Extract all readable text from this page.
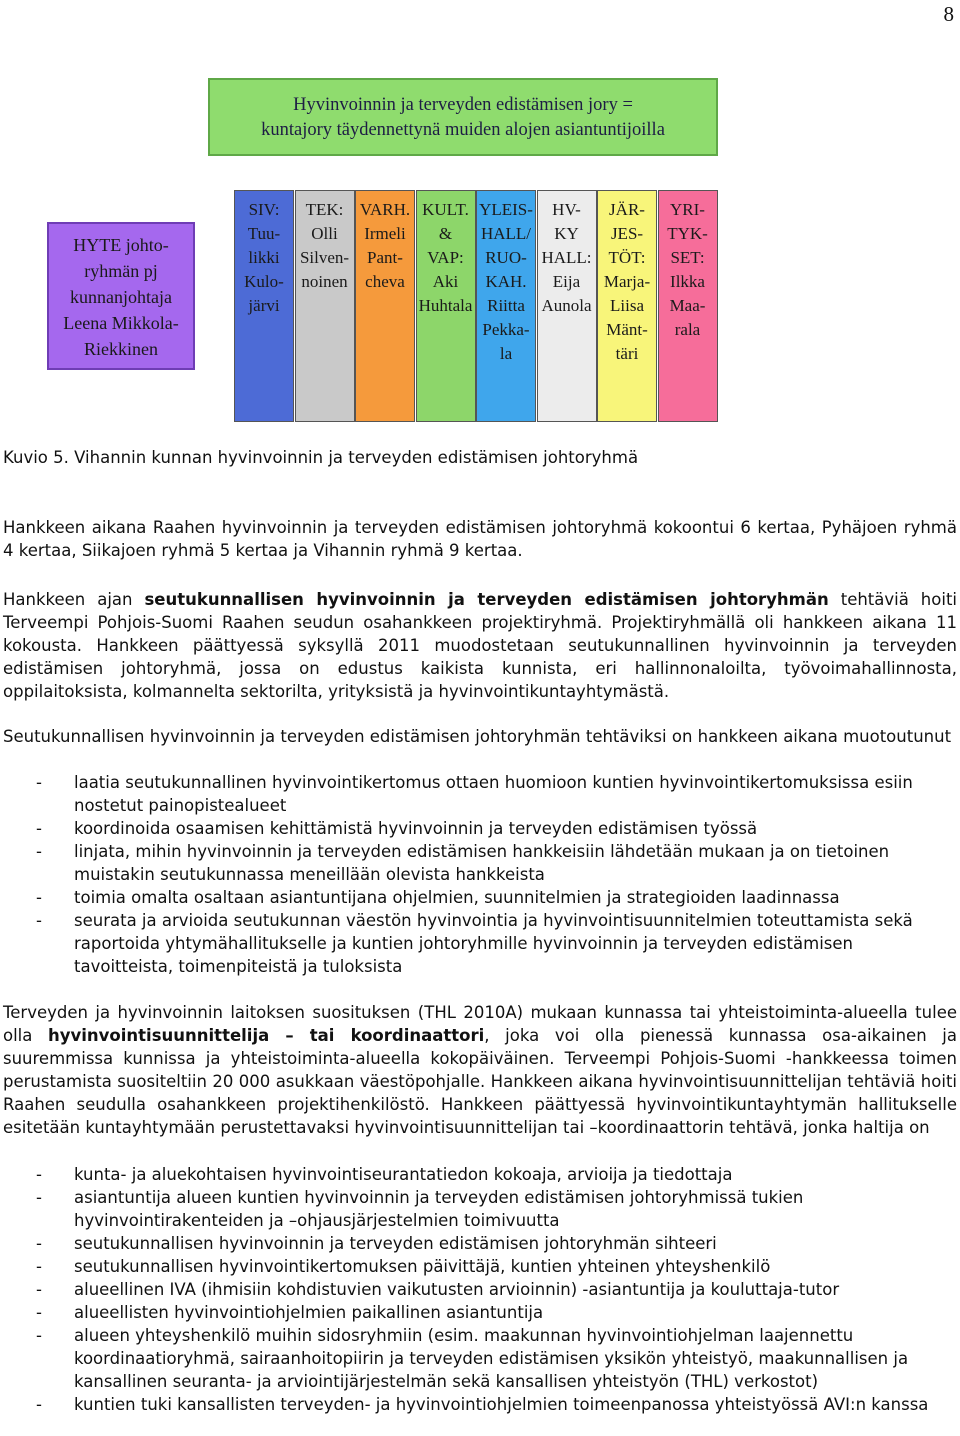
8
Hyvinvoinnin ja terveyden edistämisen jory =
kuntajory täydennettynä muiden alojen asiantuntijoilla
HYTE johto-
ryhmän pj
kunnanjohtaja
Leena Mikkola-
Riekkinen
SIV:
Tuu-
likki
Kulo-
järvi
TEK:
Olli
Silven-
noinen
VARH.
Irmeli
Pant-
cheva
KULT.
&
VAP:
Aki
Huhtala
YLEIS-
HALL/
RUO-
KAH.
Riitta
Pekka-
la
HV-
KY
HALL:
Eija
Aunola
JÄR-
JES-
TÖT:
Marja-
Liisa
Mänt-
täri
YRI-
TYK-
SET:
Ilkka
Maa-
rala

Kuvio 5. Vihannin kunnan hyvinvoinnin ja terveyden edistämisen johtoryhmä

Hankkeen aikana Raahen hyvinvoinnin ja terveyden edistämisen johtoryhmä kokoontui 6 kertaa, Pyhäjoen ryhmä 4 kertaa, Siikajoen ryhmä 5 kertaa ja Vihannin ryhmä 9 kertaa.

Hankkeen ajan seutukunnallisen hyvinvoinnin ja terveyden edistämisen johtoryhmän tehtäviä hoiti Terveempi Pohjois-Suomi Raahen seudun osahankkeen projektiryhmä. Projektiryhmällä oli hankkeen aikana 11 kokousta. Hankkeen päättyessä syksyllä 2011 muodostetaan seutukunnallinen hyvinvoinnin ja terveyden edistämisen johtoryhmä, jossa on edustus kaikista kunnista, eri hallinnonaloilta, työvoimahallinnosta, oppilaitoksista, kolmannelta sektorilta, yrityksistä ja hyvinvointikuntayhtymästä.

Seutukunnallisen hyvinvoinnin ja terveyden edistämisen johtoryhmän tehtäviksi on hankkeen aikana muotoutunut

- laatia seutukunnallinen hyvinvointikertomus ottaen huomioon kuntien hyvinvointikertomuksissa esiin nostetut painopistealueet
- koordinoida osaamisen kehittämistä hyvinvoinnin ja terveyden edistämisen työssä
- linjata, mihin hyvinvoinnin ja terveyden edistämisen hankkeisiin lähdetään mukaan ja on tietoinen muistakin seutukunnassa meneillään olevista hankkeista
- toimia omalta osaltaan asiantuntijana ohjelmien, suunnitelmien ja strategioiden laadinnassa
- seurata ja arvioida seutukunnan väestön hyvinvointia ja hyvinvointisuunnitelmien toteuttamista sekä raportoida yhtymähallitukselle ja kuntien johtoryhmille hyvinvoinnin ja terveyden edistämisen tavoitteista, toimenpiteistä ja tuloksista

Terveyden ja hyvinvoinnin laitoksen suosituksen (THL 2010A) mukaan kunnassa tai yhteistoiminta-alueella tulee olla hyvinvointisuunnittelija – tai koordinaattori, joka voi olla pienessä kunnassa osa-aikainen ja suuremmissa kunnissa ja yhteistoiminta-alueella kokopäiväinen. Terveempi Pohjois-Suomi -hankkeessa toimen perustamista suositeltiin 20 000 asukkaan väestöpohjalle. Hankkeen aikana hyvinvointisuunnittelijan tehtäviä hoiti Raahen seudulla osahankkeen projektihenkilöstö. Hankkeen päättyessä hyvinvointikuntayhtymän hallitukselle esitetään kuntayhtymään perustettavaksi hyvinvointisuunnittelijan tai –koordinaattorin tehtävä, jonka haltija on

- kunta- ja aluekohtaisen hyvinvointiseurantatiedon kokoaja, arvioija ja tiedottaja
- asiantuntija alueen kuntien hyvinvoinnin ja terveyden edistämisen johtoryhmissä tukien hyvinvointirakenteiden ja –ohjausjärjestelmien toimivuutta
- seutukunnallisen hyvinvoinnin ja terveyden edistämisen johtoryhmän sihteeri
- seutukunnallisen hyvinvointikertomuksen päivittäjä, kuntien yhteinen yhteyshenkilö
- alueellinen IVA (ihmisiin kohdistuvien vaikutusten arvioinnin) -asiantuntija ja kouluttaja-tutor
- alueellisten hyvinvointiohjelmien paikallinen asiantuntija
- alueen yhteyshenkilö muihin sidosryhmiin (esim. maakunnan hyvinvointiohjelman laajennettu koordinaatioryhmä, sairaanhoitopiirin ja terveyden edistämisen yksikön yhteistyö, maakunnallisen ja kansallinen seuranta- ja arviointijärjestelmän sekä kansallisen yhteistyön (THL) verkostot)
- kuntien tuki kansallisten terveyden- ja hyvinvointiohjelmien toimeenpanossa yhteistyössä AVI:n kanssa
